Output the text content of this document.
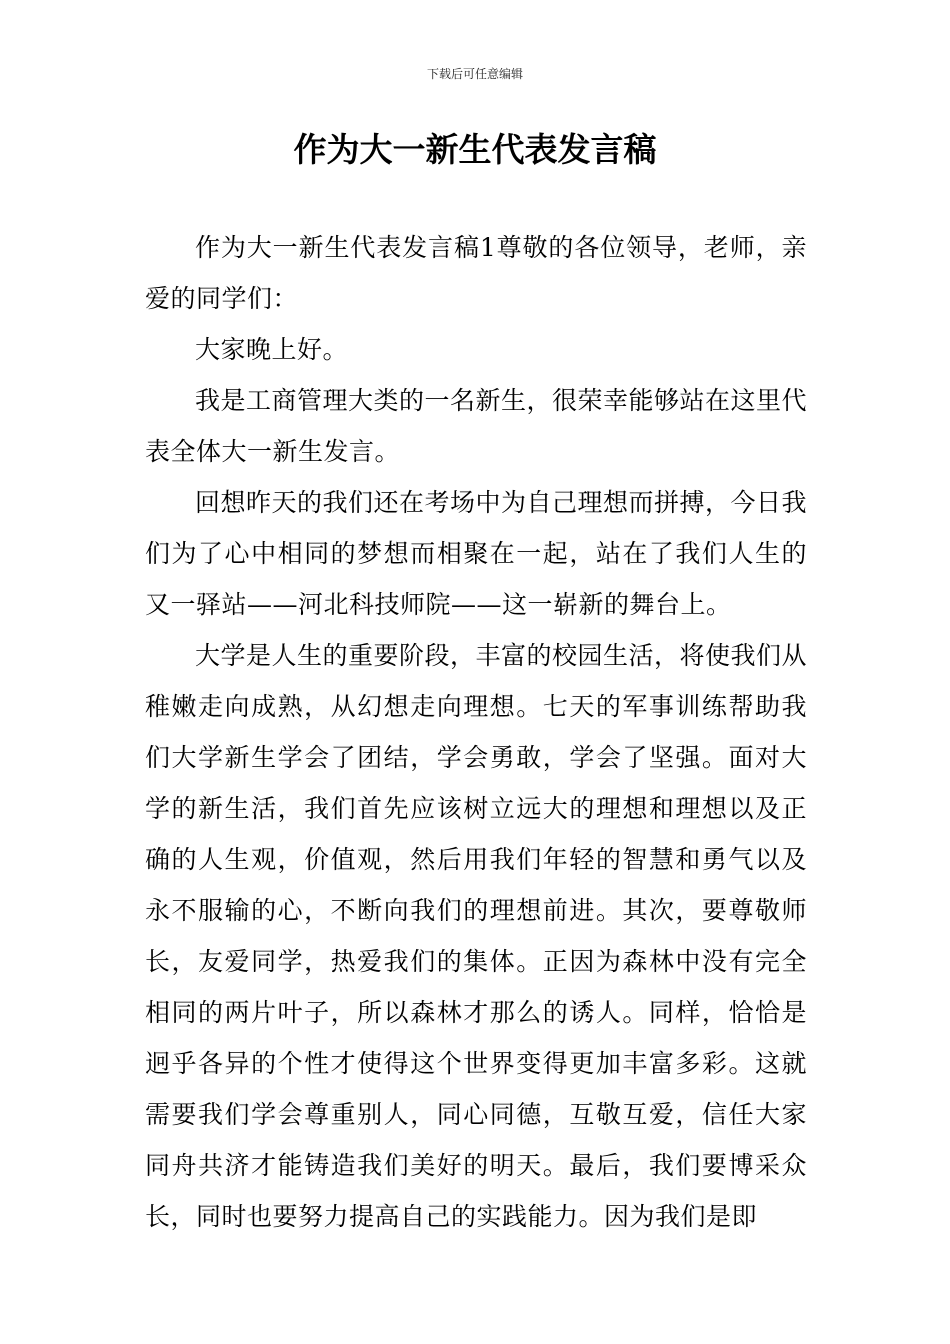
下载后可任意编辑
作为大一新生代表发言稿

作为大一新生代表发言稿1尊敬的各位领导，老师，亲爱的同学们：

大家晚上好。

我是工商管理大类的一名新生，很荣幸能够站在这里代表全体大一新生发言。

回想昨天的我们还在考场中为自己理想而拼搏，今日我们为了心中相同的梦想而相聚在一起，站在了我们人生的又一驿站——河北科技师院——这一崭新的舞台上。

大学是人生的重要阶段，丰富的校园生活，将使我们从稚嫩走向成熟，从幻想走向理想。七天的军事训练帮助我们大学新生学会了团结，学会勇敢，学会了坚强。面对大学的新生活，我们首先应该树立远大的理想和理想以及正确的人生观，价值观，然后用我们年轻的智慧和勇气以及永不服输的心，不断向我们的理想前进。其次，要尊敬师长，友爱同学，热爱我们的集体。正因为森林中没有完全相同的两片叶子，所以森林才那么的诱人。同样，恰恰是迥乎各异的个性才使得这个世界变得更加丰富多彩。这就需要我们学会尊重别人，同心同德，互敬互爱，信任大家同舟共济才能铸造我们美好的明天。最后，我们要博采众长，同时也要努力提高自己的实践能力。因为我们是即
